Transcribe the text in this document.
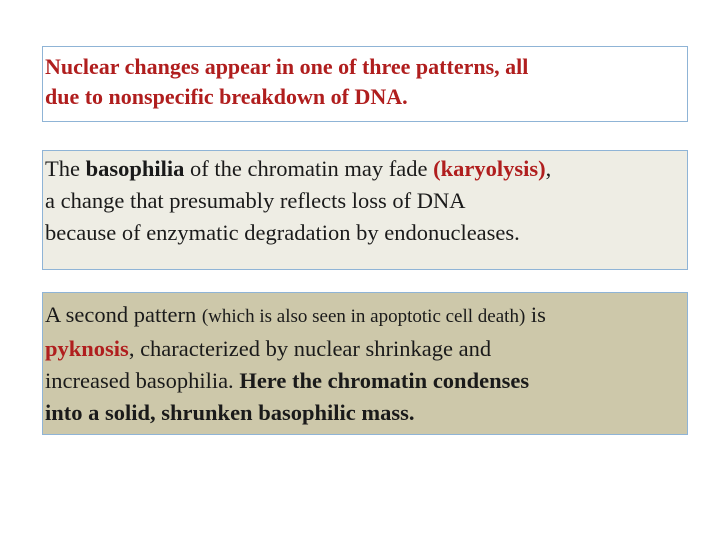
Nuclear changes appear in one of three patterns, all
due to nonspecific breakdown of DNA.
The basophilia of the chromatin may fade (karyolysis),
a change that presumably reflects loss of DNA
because of enzymatic degradation by endonucleases.
A second pattern (which is also seen in apoptotic cell death) is
pyknosis, characterized by nuclear shrinkage and
increased basophilia. Here the chromatin condenses
into a solid, shrunken basophilic mass.
